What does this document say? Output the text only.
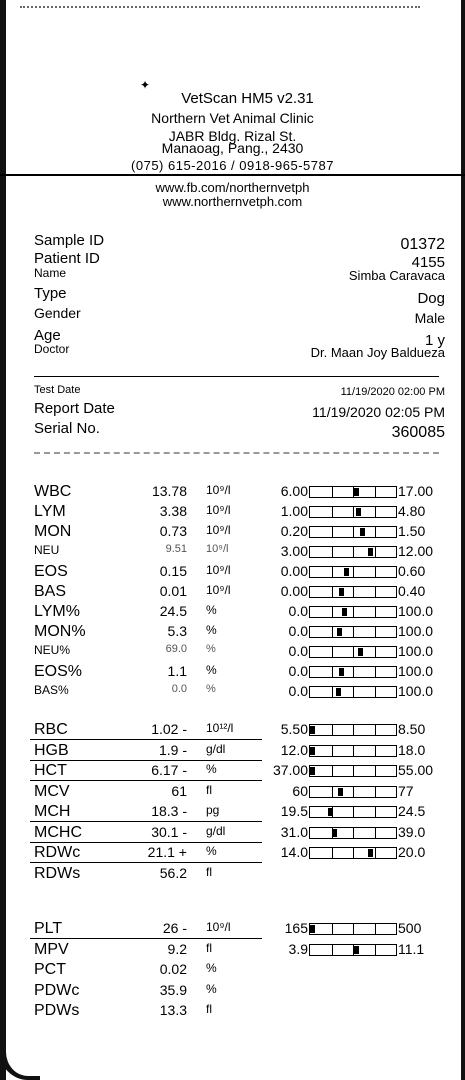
✦
VetScan HM5 v2.31
Northern Vet Animal Clinic
JABR Bldg. Rizal St.
Manaoag, Pang., 2430
(075) 615-2016 / 0918-965-5787
www.fb.com/northernvetph
www.northernvetph.com
Sample ID	01372
Patient ID	4155
Name	Simba Caravaca
Type	Dog
Gender	Male
Age	1 y
Doctor	Dr. Maan Joy Baldueza
Test Date	11/19/2020 02:00 PM
Report Date	11/19/2020 02:05 PM
Serial No.	360085
WBC	13.78 10⁹/l	6.00	17.00
LYM	3.38 10⁹/l	1.00	4.80
MON	0.73 10⁹/l	0.20	1.50
NEU	9.51 10⁹/l	3.00	12.00
EOS	0.15 10⁹/l	0.00	0.60
BAS	0.01 10⁹/l	0.00	0.40
LYM%	24.5 %	0.0	100.0
MON%	5.3 %	0.0	100.0
NEU%	69.0 %	0.0	100.0
EOS%	1.1 %	0.0	100.0
BAS%	0.0 %	0.0	100.0
RBC	1.02 - 10¹²/l	5.50	8.50
HGB	1.9 - g/dl	12.0	18.0
HCT	6.17 - %	37.00	55.00
MCV	61 fl	60	77
MCH	18.3 - pg	19.5	24.5
MCHC	30.1 - g/dl	31.0	39.0
RDWc	21.1 + %	14.0	20.0
RDWs	56.2 fl
PLT	26 - 10⁹/l	165	500
MPV	9.2 fl	3.9	11.1
PCT	0.02 %
PDWc	35.9 %
PDWs	13.3 fl
